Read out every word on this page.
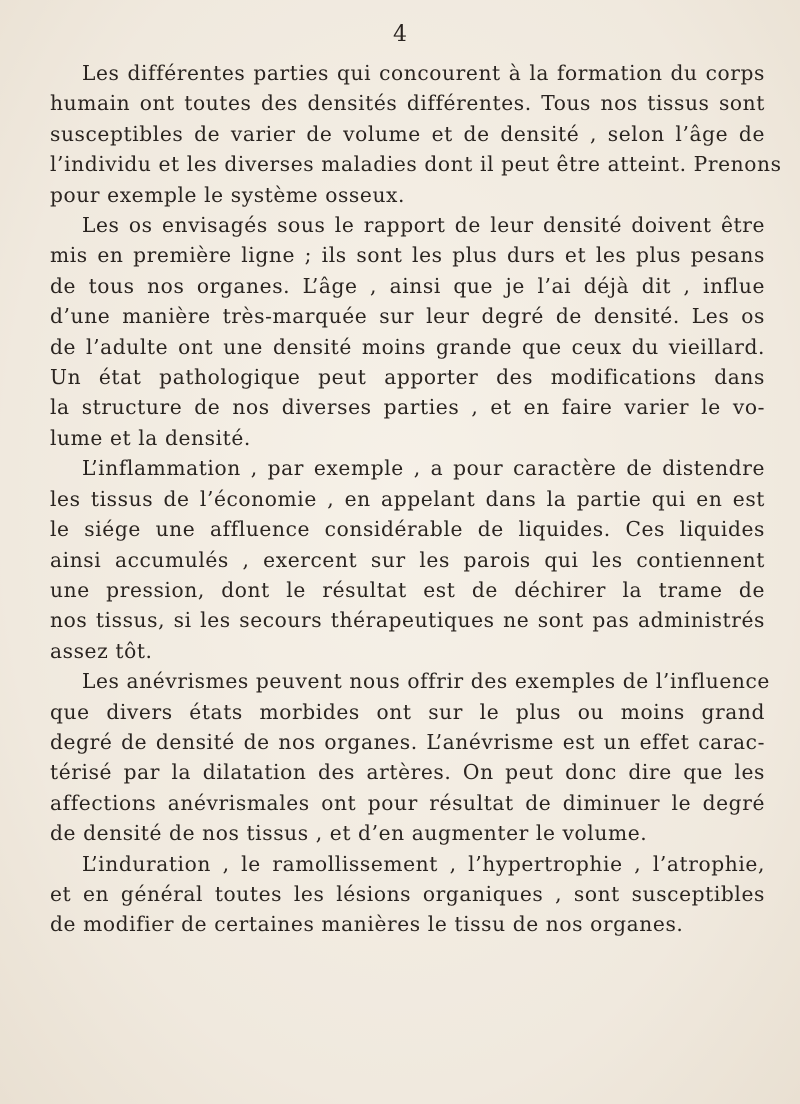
4

Les différentes parties qui concourent à la formation du corps
humain ont toutes des densités différentes. Tous nos tissus sont
susceptibles de varier de volume et de densité , selon l’âge de
l’individu et les diverses maladies dont il peut être atteint. Prenons
pour exemple le système osseux.

Les os envisagés sous le rapport de leur densité doivent être
mis en première ligne ; ils sont les plus durs et les plus pesans
de tous nos organes. L’âge , ainsi que je l’ai déjà dit , influe
d’une manière très-marquée sur leur degré de densité. Les os
de l’adulte ont une densité moins grande que ceux du vieillard.
Un état pathologique peut apporter des modifications dans
la structure de nos diverses parties , et en faire varier le vo-
lume et la densité.

L’inflammation , par exemple , a pour caractère de distendre
les tissus de l’économie , en appelant dans la partie qui en est
le siége une affluence considérable de liquides. Ces liquides
ainsi accumulés , exercent sur les parois qui les contiennent
une pression, dont le résultat est de déchirer la trame de
nos tissus, si les secours thérapeutiques ne sont pas administrés
assez tôt.

Les anévrismes peuvent nous offrir des exemples de l’influence
que divers états morbides ont sur le plus ou moins grand
degré de densité de nos organes. L’anévrisme est un effet carac-
térisé par la dilatation des artères. On peut donc dire que les
affections anévrismales ont pour résultat de diminuer le degré
de densité de nos tissus , et d’en augmenter le volume.

L’induration , le ramollissement , l’hypertrophie , l’atrophie,
et en général toutes les lésions organiques , sont susceptibles
de modifier de certaines manières le tissu de nos organes.
